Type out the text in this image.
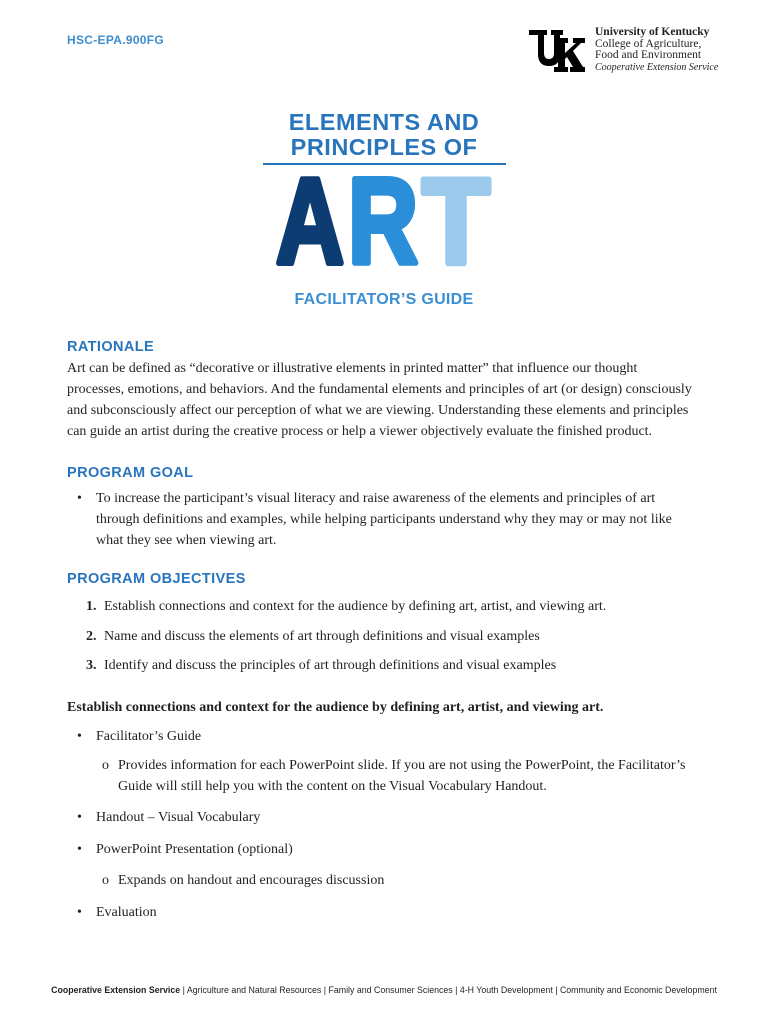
HSC-EPA.900FG
University of Kentucky
College of Agriculture,
Food and Environment
Cooperative Extension Service
ELEMENTS AND
PRINCIPLES OF
A R T
FACILITATOR’S GUIDE
RATIONALE
Art can be defined as “decorative or illustrative elements in printed matter” that influence our thought
processes, emotions, and behaviors. And the fundamental elements and principles of art (or design) consciously
and subconsciously affect our perception of what we are viewing. Understanding these elements and principles
can guide an artist during the creative process or help a viewer objectively evaluate the finished product.
PROGRAM GOAL
• To increase the participant’s visual literacy and raise awareness of the elements and principles of art
through definitions and examples, while helping participants understand why they may or may not like
what they see when viewing art.
PROGRAM OBJECTIVES
1. Establish connections and context for the audience by defining art, artist, and viewing art.
2. Name and discuss the elements of art through definitions and visual examples
3. Identify and discuss the principles of art through definitions and visual examples
Establish connections and context for the audience by defining art, artist, and viewing art.
• Facilitator’s Guide
o Provides information for each PowerPoint slide. If you are not using the PowerPoint, the Facilitator’s
Guide will still help you with the content on the Visual Vocabulary Handout.
• Handout – Visual Vocabulary
• PowerPoint Presentation (optional)
o Expands on handout and encourages discussion
• Evaluation
Cooperative Extension Service | Agriculture and Natural Resources | Family and Consumer Sciences | 4-H Youth Development | Community and Economic Development
